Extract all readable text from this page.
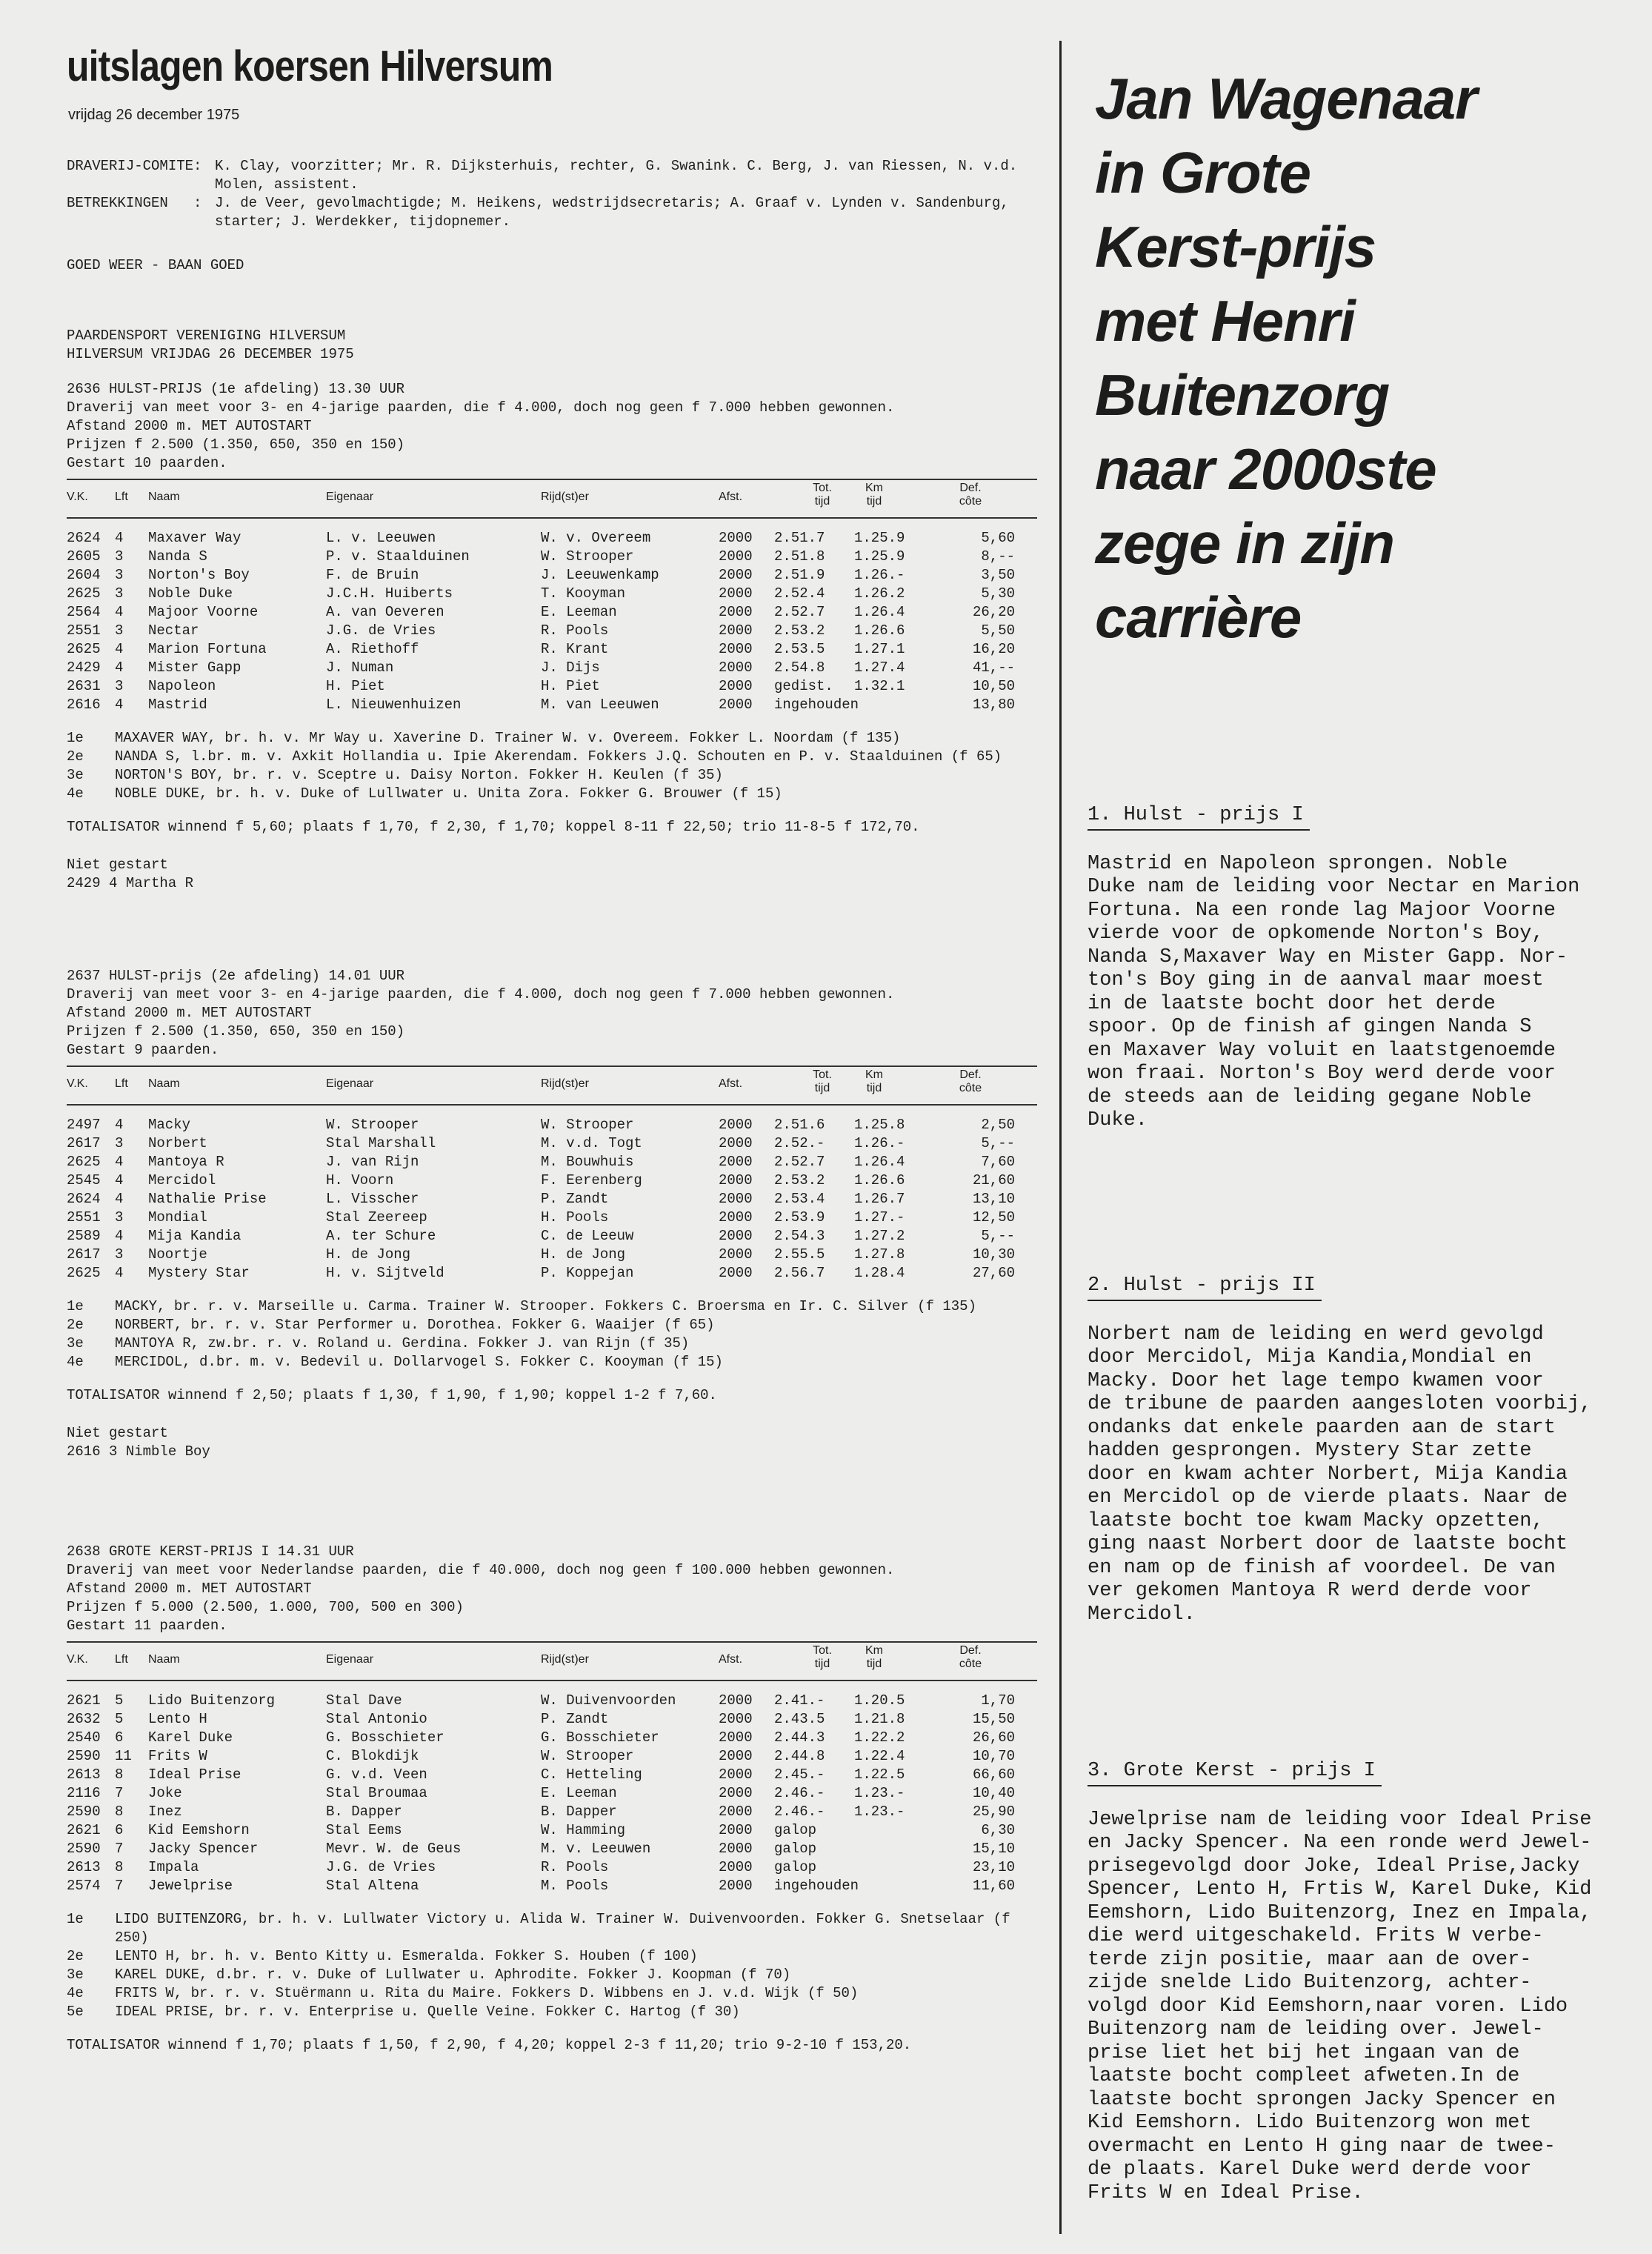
uitslagen koersen Hilversum
vrijdag 26 december 1975
DRAVERIJ-COMITE: K. Clay, voorzitter; Mr. R. Dijksterhuis, rechter, G. Swanink. C. Berg, J. van Riessen, N. v.d. Molen, assistent.
BETREKKINGEN   : J. de Veer, gevolmachtigde; M. Heikens, wedstrijdsecretaris; A. Graaf v. Lynden v. Sandenburg, starter; J. Werdekker, tijdopnemer.
GOED WEER - BAAN GOED
PAARDENSPORT VERENIGING HILVERSUM
HILVERSUM VRIJDAG 26 DECEMBER 1975
2636 HULST-PRIJS (1e afdeling) 13.30 UUR
Draverij van meet voor 3- en 4-jarige paarden, die f 4.000, doch nog geen f 7.000 hebben gewonnen.
Afstand 2000 m. MET AUTOSTART
Prijzen f 2.500 (1.350, 650, 350 en 150)
Gestart 10 paarden.
V.K. Lft Naam	Eigenaar	Rijd(st)er	Afst.
Tot.
tijd
Km
tijd
Def.
côte
2624 4 Maxaver Way	L. v. Leeuwen	W. v. Overeem	2000 2.51.7 1.25.9	5,60
2605 3 Nanda S	P. v. Staalduinen	W. Strooper	2000 2.51.8 1.25.9	8,--
2604 3 Norton's Boy	F. de Bruin	J. Leeuwenkamp	2000 2.51.9 1.26.-	3,50
2625 3 Noble Duke	J.C.H. Huiberts	T. Kooyman	2000 2.52.4 1.26.2	5,30
2564 4 Majoor Voorne	A. van Oeveren	E. Leeman	2000 2.52.7 1.26.4	26,20
2551 3 Nectar	J.G. de Vries	R. Pools	2000 2.53.2 1.26.6	5,50
2625 4 Marion Fortuna	A. Riethoff	R. Krant	2000 2.53.5 1.27.1	16,20
2429 4 Mister Gapp	J. Numan	J. Dijs	2000 2.54.8 1.27.4	41,--
2631 3 Napoleon	H. Piet	H. Piet	2000 gedist. 1.32.1	10,50
2616 4 Mastrid	L. Nieuwenhuizen	M. van Leeuwen	2000 ingehouden	13,80
1e	MAXAVER WAY, br. h. v. Mr Way u. Xaverine D. Trainer W. v. Overeem. Fokker L. Noordam (f 135)
2e	NANDA S, l.br. m. v. Axkit Hollandia u. Ipie Akerendam. Fokkers J.Q. Schouten en P. v. Staalduinen (f 65)
3e	NORTON'S BOY, br. r. v. Sceptre u. Daisy Norton. Fokker H. Keulen (f 35)
4e	NOBLE DUKE, br. h. v. Duke of Lullwater u. Unita Zora. Fokker G. Brouwer (f 15)
TOTALISATOR winnend f 5,60; plaats f 1,70, f 2,30, f 1,70; koppel 8-11 f 22,50; trio 11-8-5 f 172,70.
Niet gestart
2429 4 Martha R
2637 HULST-prijs (2e afdeling) 14.01 UUR
Draverij van meet voor 3- en 4-jarige paarden, die f 4.000, doch nog geen f 7.000 hebben gewonnen.
Afstand 2000 m. MET AUTOSTART
Prijzen f 2.500 (1.350, 650, 350 en 150)
Gestart 9 paarden.
V.K. Lft Naam	Eigenaar	Rijd(st)er	Afst.
Tot.
tijd
Km
tijd
Def.
côte
2497 4 Macky	W. Strooper	W. Strooper	2000 2.51.6 1.25.8	2,50
2617 3 Norbert	Stal Marshall	M. v.d. Togt	2000 2.52.- 1.26.-	5,--
2625 4 Mantoya R	J. van Rijn	M. Bouwhuis	2000 2.52.7 1.26.4	7,60
2545 4 Mercidol	H. Voorn	F. Eerenberg	2000 2.53.2 1.26.6	21,60
2624 4 Nathalie Prise	L. Visscher	P. Zandt	2000 2.53.4 1.26.7	13,10
2551 3 Mondial	Stal Zeereep	H. Pools	2000 2.53.9 1.27.-	12,50
2589 4 Mija Kandia	A. ter Schure	C. de Leeuw	2000 2.54.3 1.27.2	5,--
2617 3 Noortje	H. de Jong	H. de Jong	2000 2.55.5 1.27.8	10,30
2625 4 Mystery Star	H. v. Sijtveld	P. Koppejan	2000 2.56.7 1.28.4	27,60
1e	MACKY, br. r. v. Marseille u. Carma. Trainer W. Strooper. Fokkers C. Broersma en Ir. C. Silver (f 135)
2e	NORBERT, br. r. v. Star Performer u. Dorothea. Fokker G. Waaijer (f 65)
3e	MANTOYA R, zw.br. r. v. Roland u. Gerdina. Fokker J. van Rijn (f 35)
4e	MERCIDOL, d.br. m. v. Bedevil u. Dollarvogel S. Fokker C. Kooyman (f 15)
TOTALISATOR winnend f 2,50; plaats f 1,30, f 1,90, f 1,90; koppel 1-2 f 7,60.
Niet gestart
2616 3 Nimble Boy
2638 GROTE KERST-PRIJS I 14.31 UUR
Draverij van meet voor Nederlandse paarden, die f 40.000, doch nog geen f 100.000 hebben gewonnen.
Afstand 2000 m. MET AUTOSTART
Prijzen f 5.000 (2.500, 1.000, 700, 500 en 300)
Gestart 11 paarden.
V.K. Lft Naam	Eigenaar	Rijd(st)er	Afst.
Tot.
tijd
Km
tijd
Def.
côte
2621 5 Lido Buitenzorg	Stal Dave	W. Duivenvoorden	2000 2.41.- 1.20.5	1,70
2632 5 Lento H	Stal Antonio	P. Zandt	2000 2.43.5 1.21.8	15,50
2540 6 Karel Duke	G. Bosschieter	G. Bosschieter	2000 2.44.3 1.22.2	26,60
2590 11 Frits W	C. Blokdijk	W. Strooper	2000 2.44.8 1.22.4	10,70
2613 8 Ideal Prise	G. v.d. Veen	C. Hetteling	2000 2.45.- 1.22.5	66,60
2116 7 Joke	Stal Broumaa	E. Leeman	2000 2.46.- 1.23.-	10,40
2590 8 Inez	B. Dapper	B. Dapper	2000 2.46.- 1.23.-	25,90
2621 6 Kid Eemshorn	Stal Eems	W. Hamming	2000 galop	6,30
2590 7 Jacky Spencer	Mevr. W. de Geus	M. v. Leeuwen	2000 galop	15,10
2613 8 Impala	J.G. de Vries	R. Pools	2000 galop	23,10
2574 7 Jewelprise	Stal Altena	M. Pools	2000 ingehouden	11,60
1e	LIDO BUITENZORG, br. h. v. Lullwater Victory u. Alida W. Trainer W. Duivenvoorden. Fokker G. Snetselaar (f 250)
2e	LENTO H, br. h. v. Bento Kitty u. Esmeralda. Fokker S. Houben (f 100)
3e	KAREL DUKE, d.br. r. v. Duke of Lullwater u. Aphrodite. Fokker J. Koopman (f 70)
4e	FRITS W, br. r. v. Stuërmann u. Rita du Maire. Fokkers D. Wibbens en J. v.d. Wijk (f 50)
5e	IDEAL PRISE, br. r. v. Enterprise u. Quelle Veine. Fokker C. Hartog (f 30)
TOTALISATOR winnend f 1,70; plaats f 1,50, f 2,90, f 4,20; koppel 2-3 f 11,20; trio 9-2-10 f 153,20.
Jan Wagenaar
in Grote
Kerst-prijs
met Henri
Buitenzorg
naar 2000ste
zege in zijn
carrière
1. Hulst - prijs I
Mastrid en Napoleon sprongen. Noble
Duke nam de leiding voor Nectar en Marion
Fortuna. Na een ronde lag Majoor Voorne
vierde voor de opkomende Norton's Boy,
Nanda S,Maxaver Way en Mister Gapp. Nor-
ton's Boy ging in de aanval maar moest
in de laatste bocht door het derde
spoor. Op de finish af gingen Nanda S
en Maxaver Way voluit en laatstgenoemde
won fraai. Norton's Boy werd derde voor
de steeds aan de leiding gegane Noble
Duke.
2. Hulst - prijs II
Norbert nam de leiding en werd gevolgd
door Mercidol, Mija Kandia,Mondial en
Macky. Door het lage tempo kwamen voor
de tribune de paarden aangesloten voorbij,
ondanks dat enkele paarden aan de start
hadden gesprongen. Mystery Star zette
door en kwam achter Norbert, Mija Kandia
en Mercidol op de vierde plaats. Naar de
laatste bocht toe kwam Macky opzetten,
ging naast Norbert door de laatste bocht
en nam op de finish af voordeel. De van
ver gekomen Mantoya R werd derde voor
Mercidol.
3. Grote Kerst - prijs I
Jewelprise nam de leiding voor Ideal Prise
en Jacky Spencer. Na een ronde werd Jewel-
prisegevolgd door Joke, Ideal Prise,Jacky
Spencer, Lento H, Frtis W, Karel Duke, Kid
Eemshorn, Lido Buitenzorg, Inez en Impala,
die werd uitgeschakeld. Frits W verbe-
terde zijn positie, maar aan de over-
zijde snelde Lido Buitenzorg, achter-
volgd door Kid Eemshorn,naar voren. Lido
Buitenzorg nam de leiding over. Jewel-
prise liet het bij het ingaan van de
laatste bocht compleet afweten.In de
laatste bocht sprongen Jacky Spencer en
Kid Eemshorn. Lido Buitenzorg won met
overmacht en Lento H ging naar de twee-
de plaats. Karel Duke werd derde voor
Frits W en Ideal Prise.
